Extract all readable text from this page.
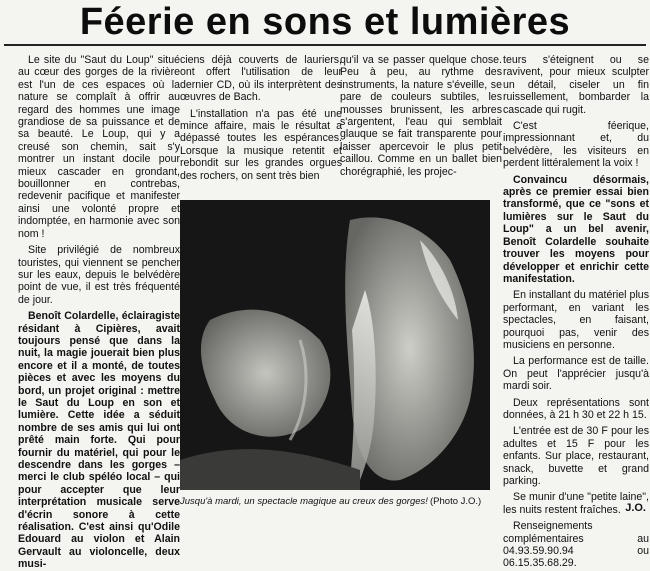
Féerie en sons et lumières

Le site du "Saut du Loup" situé au cœur des gorges de la rivière est l'un de ces espaces où la nature se complaît à offrir au regard des hommes une image grandiose de sa puissance et de sa beauté. Le Loup, qui y a creusé son chemin, sait s'y montrer un instant docile pour mieux cascader en grondant, bouillonner en contrebas, redevenir pacifique et manifester ainsi une volonté propre et indomptée, en harmonie avec son nom !

Site privilégié de nombreux touristes, qui viennent se pencher sur les eaux, depuis le belvédère point de vue, il est très fréquenté de jour.

Benoît Colardelle, éclairagiste résidant à Cipières, avait toujours pensé que dans la nuit, la magie jouerait bien plus encore et il a monté, de toutes pièces et avec les moyens du bord, un projet original : mettre le Saut du Loup en son et lumière. Cette idée a séduit nombre de ses amis qui lui ont prêté main forte. Qui pour fournir du matériel, qui pour le descendre dans les gorges – merci le club spéléo local – qui pour accepter que leur interprétation musicale serve d'écrin sonore à cette réalisation. C'est ainsi qu'Odile Edouard au violon et Alain Gervault au violoncelle, deux musi-

ciens déjà couverts de lauriers, ont offert l'utilisation de leur dernier CD, où ils interprètent des œuvres de Bach.

L'installation n'a pas été une mince affaire, mais le résultat a dépassé toutes les espérances. Lorsque la musique retentit et rebondit sur les grandes orgues des rochers, on sent très bien

qu'il va se passer quelque chose. Peu à peu, au rythme des instruments, la nature s'éveille, se pare de couleurs subtiles, les mousses brunissent, les arbres s'argentent, l'eau qui semblait glauque se fait transparente pour laisser apercevoir le plus petit caillou. Comme en un ballet bien chorégraphié, les projec-

teurs s'éteignent ou se ravivent, pour mieux sculpter un détail, ciseler un fin ruissellement, bombarder la cascade qui rugit.

C'est féerique, impressionnant et, du belvédère, les visiteurs en perdent littéralement la voix !

Convaincu désormais, après ce premier essai bien transformé, que ce "sons et lumières sur le Saut du Loup" a un bel avenir, Benoît Colardelle souhaite trouver les moyens pour développer et enrichir cette manifestation.

En installant du matériel plus performant, en variant les spectacles, en faisant, pourquoi pas, venir des musiciens en personne.

La performance est de taille. On peut l'apprécier jusqu'à mardi soir.

Deux représentations sont données, à 21 h 30 et 22 h 15.

L'entrée est de 30 F pour les adultes et 15 F pour les enfants. Sur place, restaurant, snack, buvette et grand parking.

Se munir d'une "petite laine", les nuits restent fraîches.

Renseignements complémentaires au 04.93.59.90.94 ou 06.15.35.68.29.

Jusqu'à mardi, un spectacle magique au creux des gorges! (Photo J.O.)
J.O.
